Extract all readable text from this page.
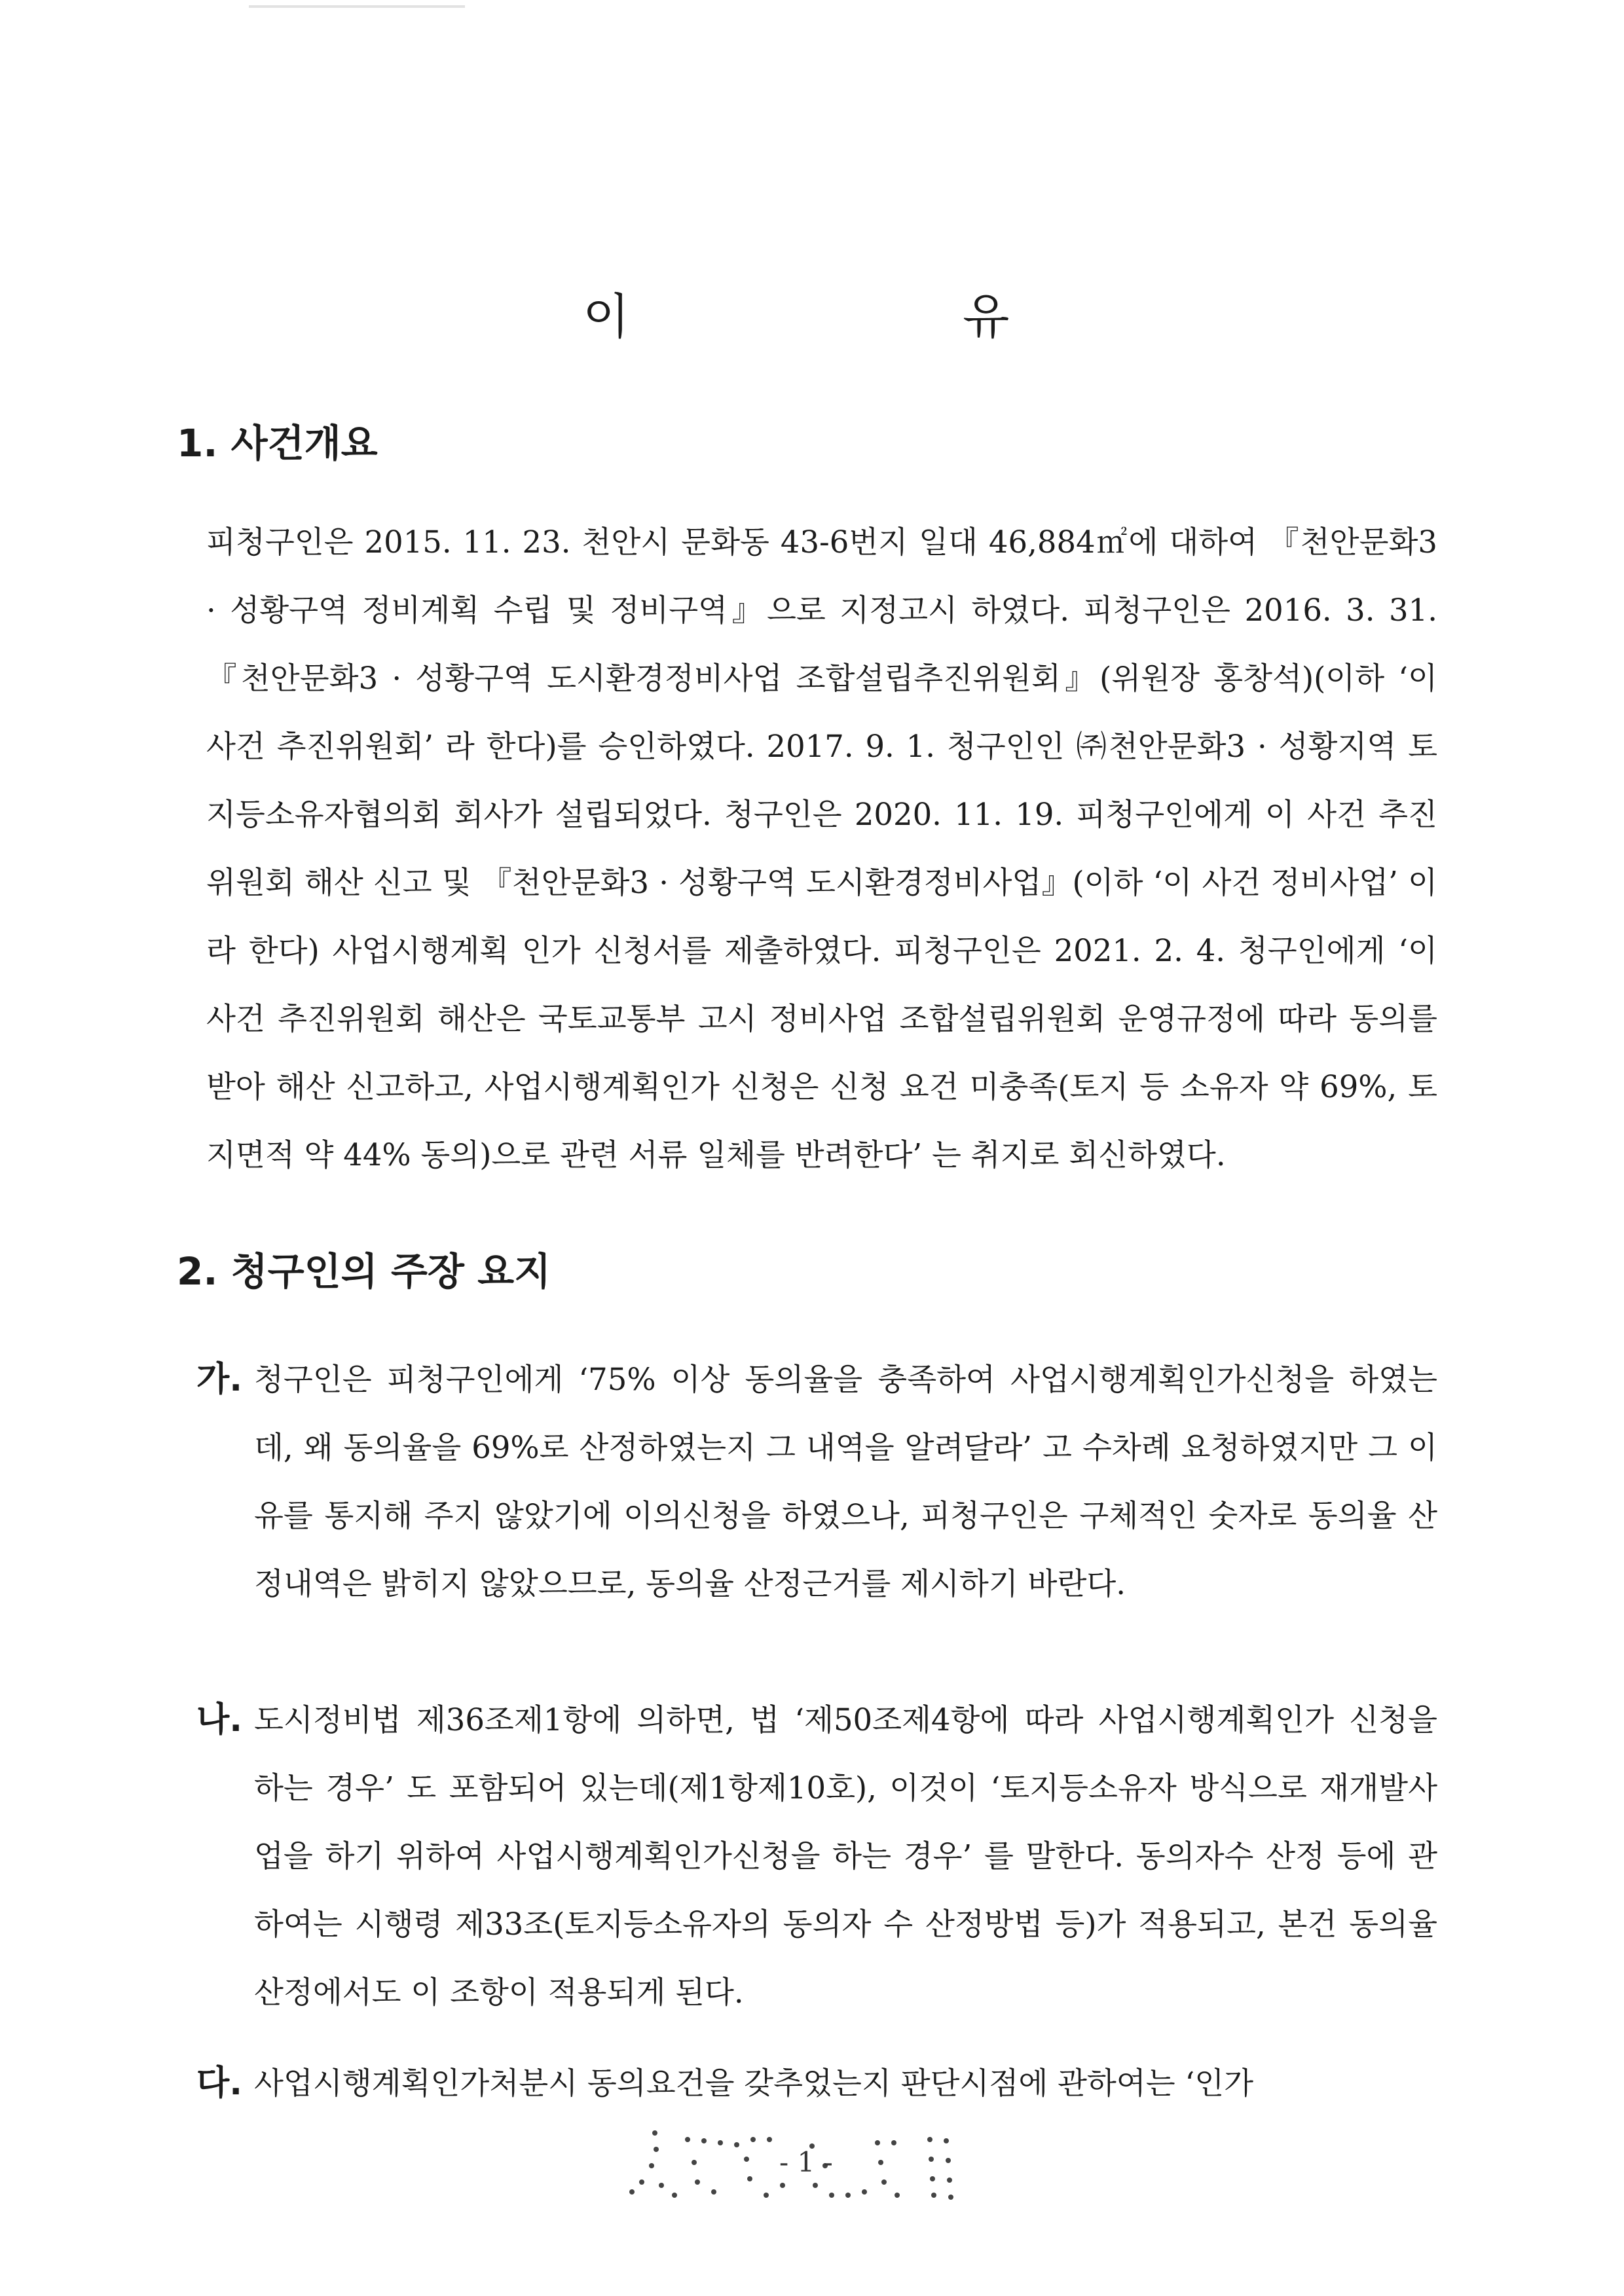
이	유
1. 사건개요

피청구인은 2015. 11. 23. 천안시 문화동 43-6번지 일대 46,884㎡에 대하여 『천안문화3 · 성황구역 정비계획 수립 및 정비구역』으로 지정고시 하였다. 피청구인은 2016. 3. 31. 『천안문화3 · 성황구역 도시환경정비사업 조합설립추진위원회』(위원장 홍창석)(이하 ‘이 사건 추진위원회’ 라 한다)를 승인하였다. 2017. 9. 1. 청구인인 ㈜천안문화3 · 성황지역 토지등소유자협의회 회사가 설립되었다. 청구인은 2020. 11. 19. 피청구인에게 이 사건 추진위원회 해산 신고 및 『천안문화3 · 성황구역 도시환경정비사업』(이하 ‘이 사건 정비사업’ 이라 한다) 사업시행계획 인가 신청서를 제출하였다. 피청구인은 2021. 2. 4. 청구인에게 ‘이 사건 추진위원회 해산은 국토교통부 고시 정비사업 조합설립위원회 운영규정에 따라 동의를 받아 해산 신고하고, 사업시행계획인가 신청은 신청 요건 미충족(토지 등 소유자 약 69%, 토지면적 약 44% 동의)으로 관련 서류 일체를 반려한다’ 는 취지로 회신하였다.

2. 청구인의 주장 요지
가. 청구인은 피청구인에게 ‘75% 이상 동의율을 충족하여 사업시행계획인가신청을 하였는데, 왜 동의율을 69%로 산정하였는지 그 내역을 알려달라’ 고 수차례 요청하였지만 그 이유를 통지해 주지 않았기에 이의신청을 하였으나, 피청구인은 구체적인 숫자로 동의율 산정내역은 밝히지 않았으므로, 동의율 산정근거를 제시하기 바란다.

나. 도시정비법 제36조제1항에 의하면, 법 ‘제50조제4항에 따라 사업시행계획인가 신청을 하는 경우’ 도 포함되어 있는데(제1항제10호), 이것이 ‘토지등소유자 방식으로 재개발사업을 하기 위하여 사업시행계획인가신청을 하는 경우’ 를 말한다. 동의자수 산정 등에 관하여는 시행령 제33조(토지등소유자의 동의자 수 산정방법 등)가 적용되고, 본건 동의율 산정에서도 이 조항이 적용되게 된다.

다. 사업시행계획인가처분시 동의요건을 갖추었는지 판단시점에 관하여는 ‘인가

- 1 -
